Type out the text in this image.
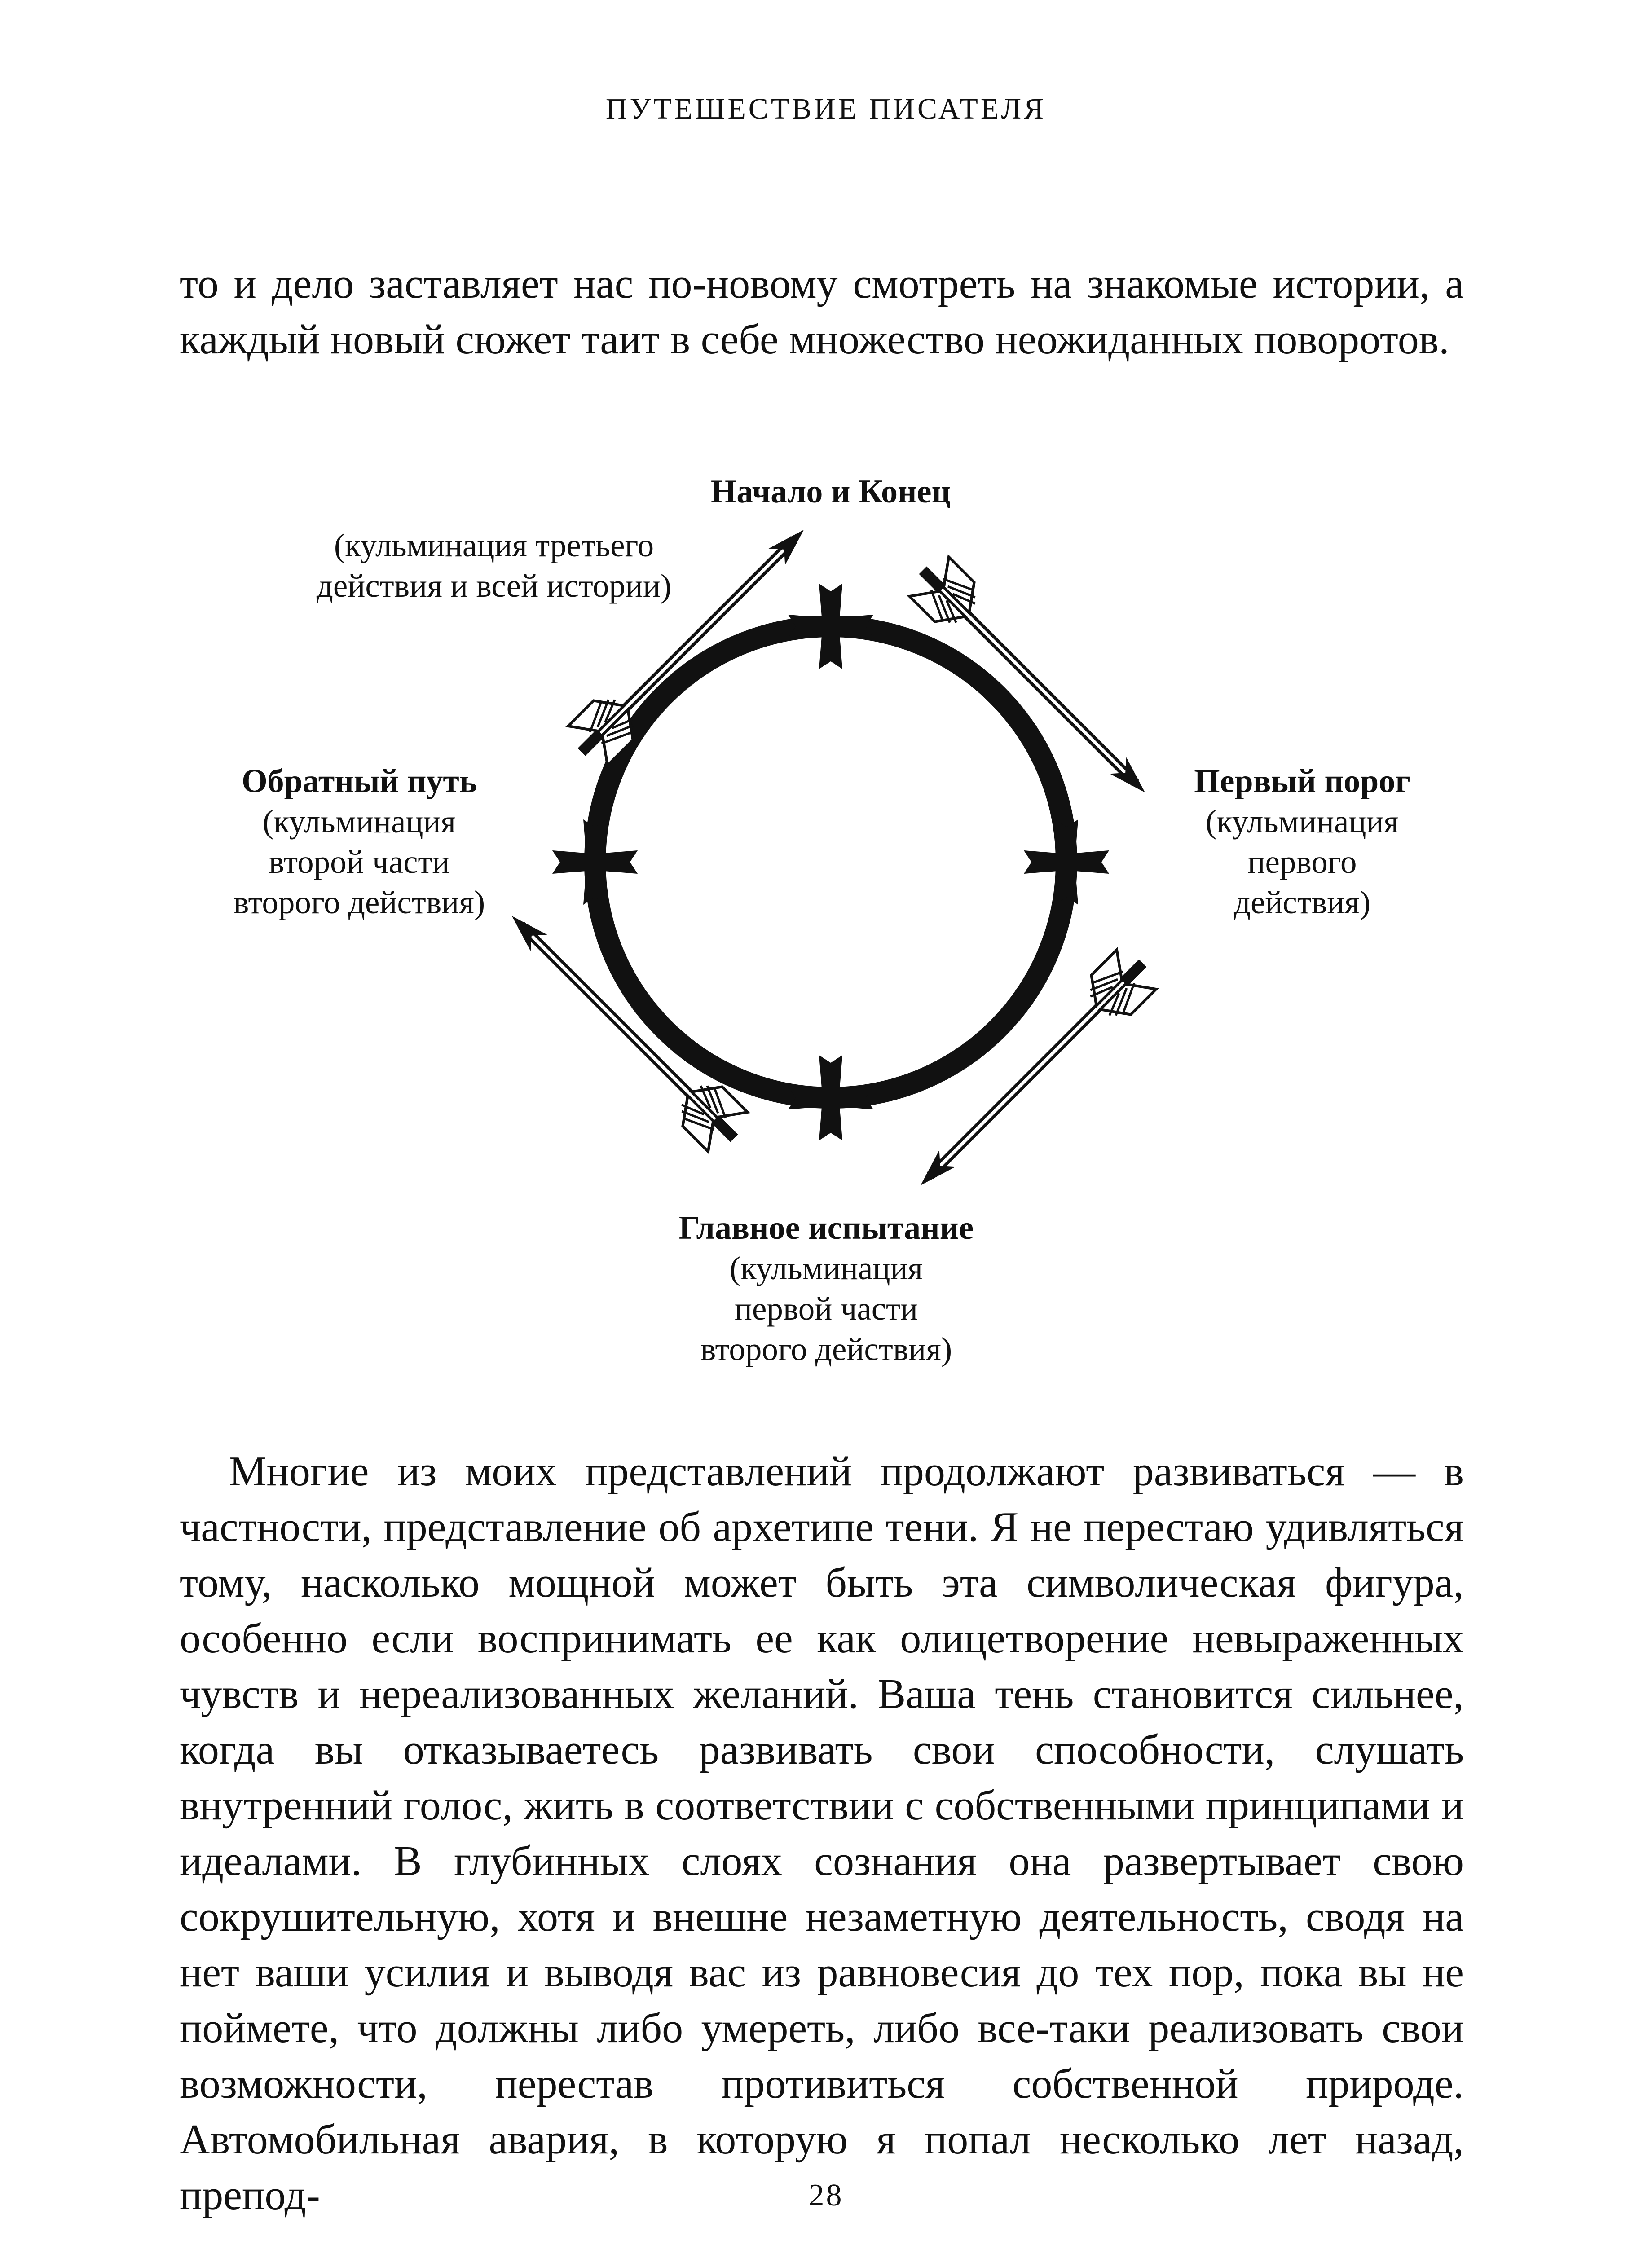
ПУТЕШЕСТВИЕ ПИСАТЕЛЯ

то и дело заставляет нас по-новому смотреть на знакомые истории, а каждый новый сюжет таит в себе множество неожиданных поворотов.

Начало и Конец
(кульминация третьего
действия и всей истории)
Первый порог
(кульминация
первого
действия)
Обратный путь
(кульминация
второй части
второго действия)
Главное испытание
(кульминация
первой части
второго действия)

Многие из моих представлений продолжают развиваться — в частности, представление об архетипе тени. Я не перестаю удивляться тому, насколько мощной может быть эта символическая фигура, особенно если воспринимать ее как олицетворение невыраженных чувств и нереализованных желаний. Ваша тень становится сильнее, когда вы отказываетесь развивать свои способности, слушать внутренний голос, жить в соответствии с собственными принципами и идеалами. В глубинных слоях сознания она развертывает свою сокрушительную, хотя и внешне незаметную деятельность, сводя на нет ваши усилия и выводя вас из равновесия до тех пор, пока вы не поймете, что должны либо умереть, либо все-таки реализовать свои возможности, перестав противиться собственной природе. Автомобильная авария, в которую я попал несколько лет назад, препод-	28
